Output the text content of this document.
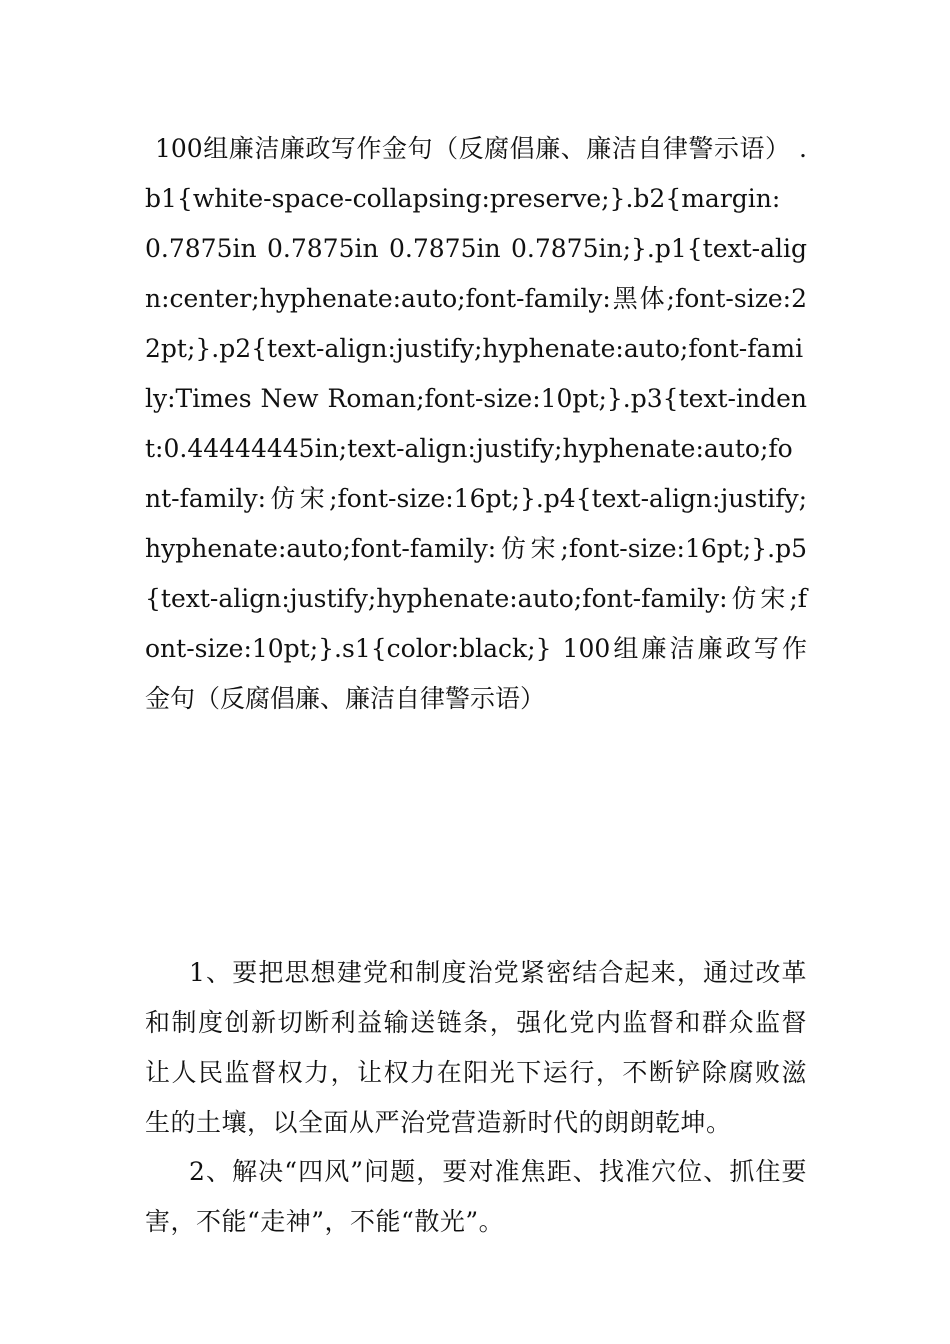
100组廉洁廉政写作金句（反腐倡廉、廉洁自律警示语） .b1{white-space-collapsing:preserve;}.b2{margin: 0.7875in 0.7875in 0.7875in 0.7875in;}.p1{text-align:center;hyphenate:auto;font-family:黑体;font-size:22pt;}.p2{text-align:justify;hyphenate:auto;font-family:Times New Roman;font-size:10pt;}.p3{text-indent:0.44444445in;text-align:justify;hyphenate:auto;font-family:仿宋;font-size:16pt;}.p4{text-align:justify;hyphenate:auto;font-family:仿宋;font-size:16pt;}.p5{text-align:justify;hyphenate:auto;font-family:仿宋;font-size:10pt;}.s1{color:black;} 100组廉洁廉政写作金句（反腐倡廉、廉洁自律警示语）

1、要把思想建党和制度治党紧密结合起来，通过改革和制度创新切断利益输送链条，强化党内监督和群众监督让人民监督权力，让权力在阳光下运行，不断铲除腐败滋生的土壤，以全面从严治党营造新时代的朗朗乾坤。

2、解决“四风”问题，要对准焦距、找准穴位、抓住要害，不能“走神”，不能“散光”。
